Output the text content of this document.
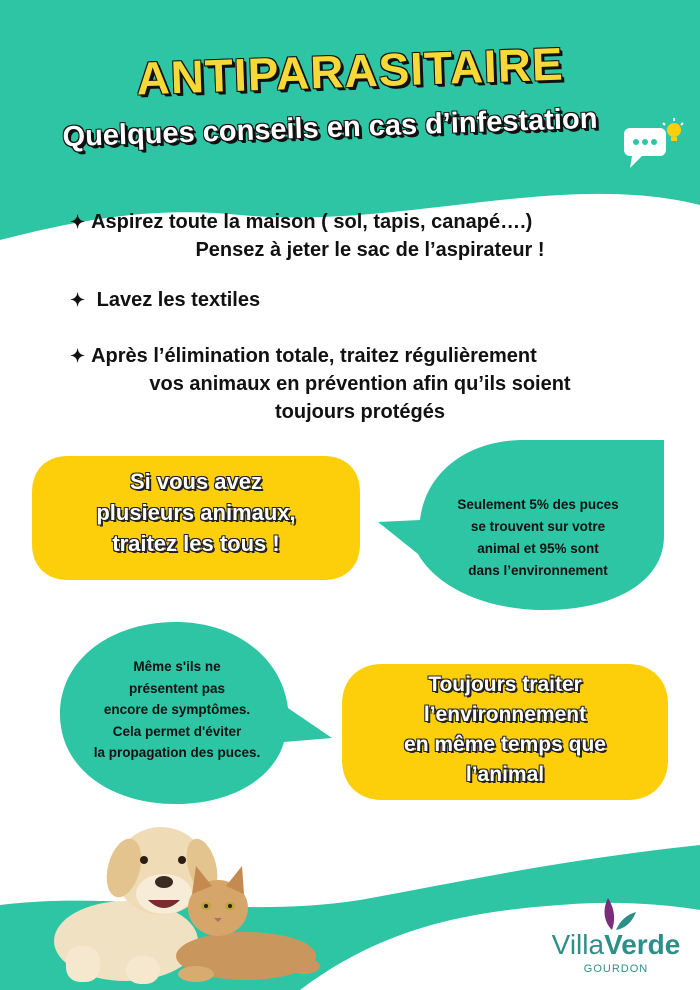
ANTIPARASITAIRE
Quelques conseils en cas d’infestation
✦ Aspirez toute la maison ( sol, tapis, canapé….)
Pensez à jeter le sac de l’aspirateur !
✦ Lavez les textiles
✦ Après l’élimination totale, traitez régulièrement
vos animaux en prévention afin qu’ils soient
toujours protégés
Si vous avez
plusieurs animaux,
traitez les tous !
Seulement 5% des puces
se trouvent sur votre
animal et 95% sont
dans l’environnement
Même s'ils ne
présentent pas
encore de symptômes.
Cela permet d'éviter
la propagation des puces.
Toujours traiter
l’environnement
en même temps que
l’animal
VillaVerde
GOURDON
